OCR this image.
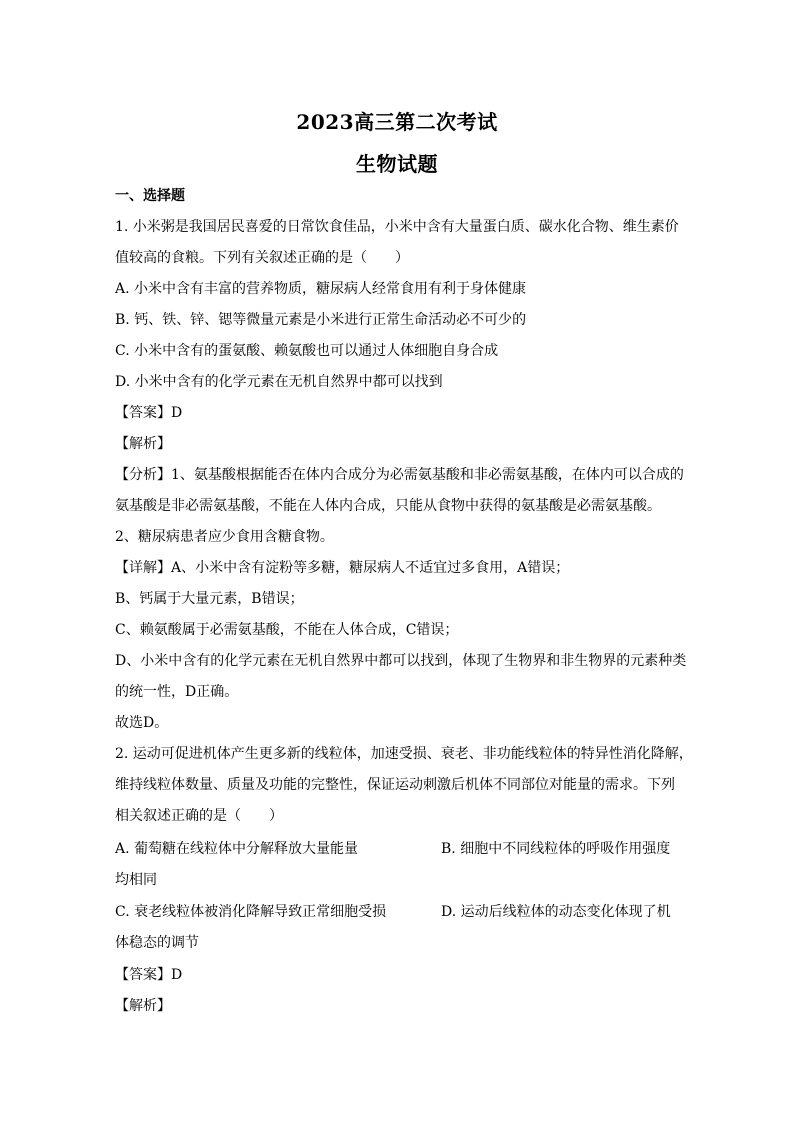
2023高三第二次考试
生物试题
一、选择题
1. 小米粥是我国居民喜爱的日常饮食佳品，小米中含有大量蛋白质、碳水化合物、维生素价
值较高的食粮。下列有关叙述正确的是（　　）
A. 小米中含有丰富的营养物质，糖尿病人经常食用有利于身体健康
B. 钙、铁、锌、锶等微量元素是小米进行正常生命活动必不可少的
C. 小米中含有的蛋氨酸、赖氨酸也可以通过人体细胞自身合成
D. 小米中含有的化学元素在无机自然界中都可以找到
【答案】D
【解析】
【分析】1、氨基酸根据能否在体内合成分为必需氨基酸和非必需氨基酸，在体内可以合成的
氨基酸是非必需氨基酸，不能在人体内合成，只能从食物中获得的氨基酸是必需氨基酸。
2、糖尿病患者应少食用含糖食物。
【详解】A、小米中含有淀粉等多糖，糖尿病人不适宜过多食用，A错误；
B、钙属于大量元素，B错误；
C、赖氨酸属于必需氨基酸，不能在人体合成，C错误；
D、小米中含有的化学元素在无机自然界中都可以找到，体现了生物界和非生物界的元素种类
的统一性，D正确。
故选D。
2. 运动可促进机体产生更多新的线粒体，加速受损、衰老、非功能线粒体的特异性消化降解，
维持线粒体数量、质量及功能的完整性，保证运动刺激后机体不同部位对能量的需求。下列
相关叙述正确的是（　　）
A. 葡萄糖在线粒体中分解释放大量能量	B. 细胞中不同线粒体的呼吸作用强度
均相同
C. 衰老线粒体被消化降解导致正常细胞受损	D. 运动后线粒体的动态变化体现了机
体稳态的调节
【答案】D
【解析】
